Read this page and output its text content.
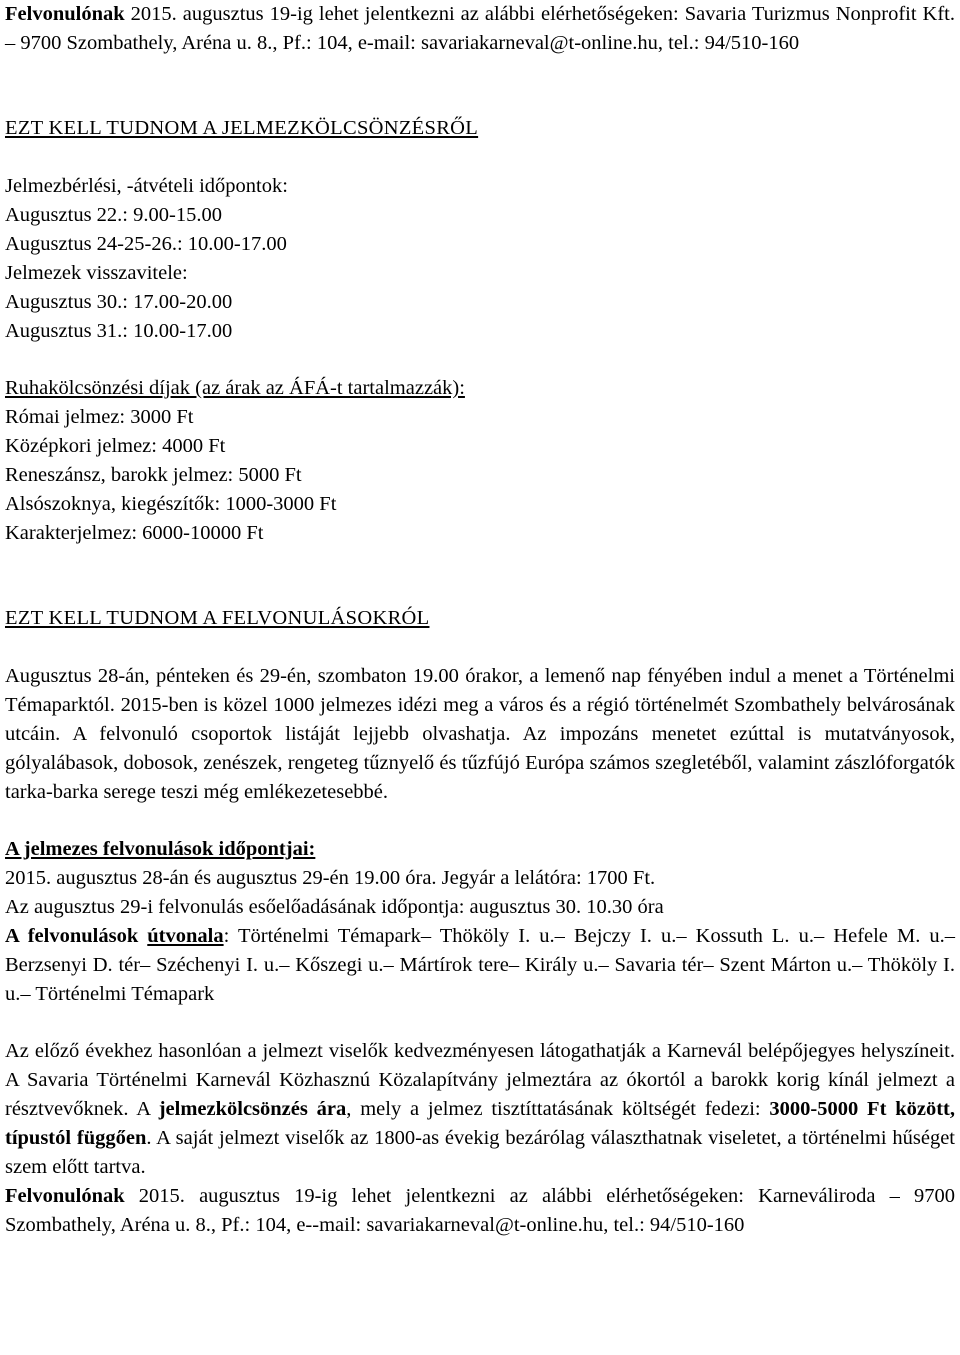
Felvonulónak 2015. augusztus 19-ig lehet jelentkezni az alábbi elérhetőségeken: Savaria Turizmus Nonprofit Kft. – 9700 Szombathely, Aréna u. 8., Pf.: 104, e-mail: savariakarneval@t-online.hu, tel.: 94/510-160

EZT KELL TUDNOM A JELMEZKÖLCSÖNZÉSRŐL

Jelmezbérlési, -átvételi időpontok:

Augusztus 22.: 9.00-15.00

Augusztus 24-25-26.: 10.00-17.00

Jelmezek visszavitele:

Augusztus 30.: 17.00-20.00

Augusztus 31.: 10.00-17.00

Ruhakölcsönzési díjak (az árak az ÁFÁ-t tartalmazzák):

Római jelmez: 3000 Ft

Középkori jelmez: 4000 Ft

Reneszánsz, barokk jelmez: 5000 Ft

Alsószoknya, kiegészítők: 1000-3000 Ft

Karakterjelmez: 6000-10000 Ft

EZT KELL TUDNOM A FELVONULÁSOKRÓL

Augusztus 28-án, pénteken és 29-én, szombaton 19.00 órakor, a lemenő nap fényében indul a menet a Történelmi Témaparktól. 2015-ben is közel 1000 jelmezes idézi meg a város és a régió történelmét Szombathely belvárosának utcáin. A felvonuló csoportok listáját lejjebb olvashatja. Az impozáns menetet ezúttal is mutatványosok, gólyalábasok, dobosok, zenészek, rengeteg tűznyelő és tűzfújó Európa számos szegletéből, valamint zászlóforgatók tarka-barka serege teszi még emlékezetesebbé.

A jelmezes felvonulások időpontjai:

2015. augusztus 28-án és augusztus 29-én 19.00 óra. Jegyár a lelátóra: 1700 Ft.

Az augusztus 29-i felvonulás esőelőadásának időpontja: augusztus 30. 10.30 óra

A felvonulások útvonala: Történelmi Témapark– Thököly I. u.– Bejczy I. u.– Kossuth L. u.– Hefele M. u.– Berzsenyi D. tér– Széchenyi I. u.– Kőszegi u.– Mártírok tere– Király u.– Savaria tér– Szent Márton u.– Thököly I. u.– Történelmi Témapark

Az előző évekhez hasonlóan a jelmezt viselők kedvezményesen látogathatják a Karnevál belépőjegyes helyszíneit. A Savaria Történelmi Karnevál Közhasznú Közalapítvány jelmeztára az ókortól a barokk korig kínál jelmezt a résztvevőknek. A jelmezkölcsönzés ára, mely a jelmez tisztíttatásának költségét fedezi: 3000-5000 Ft között, típustól függően. A saját jelmezt viselők az 1800-as évekig bezárólag választhatnak viseletet, a történelmi hűséget szem előtt tartva.

Felvonulónak 2015. augusztus 19-ig lehet jelentkezni az alábbi elérhetőségeken: Karneváliroda – 9700 Szombathely, Aréna u. 8., Pf.: 104, e--mail: savariakarneval@t-online.hu, tel.: 94/510-160
